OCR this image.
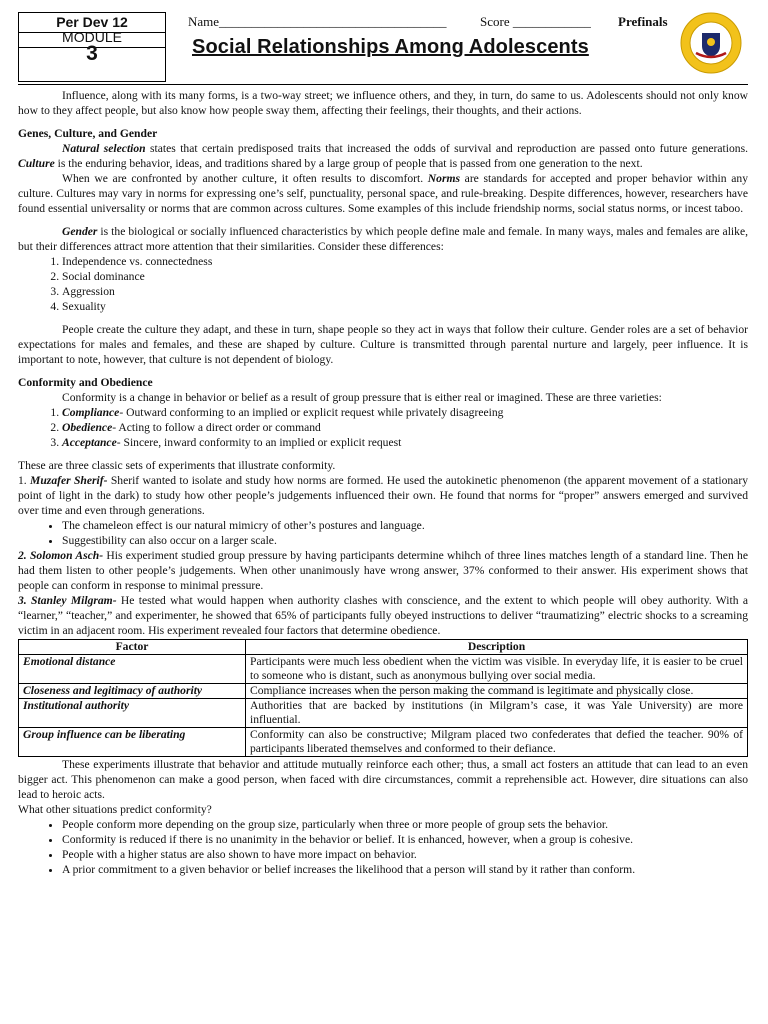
Per Dev 12
MODULE
3
Name___________________________________	Score ____________ Prefinals
Social Relationships Among Adolescents

Influence, along with its many forms, is a two-way street; we influence others, and they, in turn, do same to us. Adolescents should not only know how to they affect people, but also know how people sway them, affecting their feelings, their thoughts, and their actions.

Genes, Culture, and Gender

Natural selection states that certain predisposed traits that increased the odds of survival and reproduction are passed onto future generations. Culture is the enduring behavior, ideas, and traditions shared by a large group of people that is passed from one generation to the next.

When we are confronted by another culture, it often results to discomfort. Norms are standards for accepted and proper behavior within any culture. Cultures may vary in norms for expressing one’s self, punctuality, personal space, and rule-breaking. Despite differences, however, researchers have found essential universality or norms that are common across cultures. Some examples of this include friendship norms, social status norms, or incest taboo.

Gender is the biological or socially influenced characteristics by which people define male and female. In many ways, males and females are alike, but their differences attract more attention that their similarities. Consider these differences:

1. Independence vs. connectedness
2. Social dominance
3. Aggression
4. Sexuality

People create the culture they adapt, and these in turn, shape people so they act in ways that follow their culture. Gender roles are a set of behavior expectations for males and females, and these are shaped by culture. Culture is transmitted through parental nurture and largely, peer influence. It is important to note, however, that culture is not dependent of biology.

Conformity and Obedience

Conformity is a change in behavior or belief as a result of group pressure that is either real or imagined. These are three varieties:

1. Compliance- Outward conforming to an implied or explicit request while privately disagreeing
2. Obedience- Acting to follow a direct order or command
3. Acceptance- Sincere, inward conformity to an implied or explicit request

These are three classic sets of experiments that illustrate conformity.

1. Muzafer Sherif- Sherif wanted to isolate and study how norms are formed. He used the autokinetic phenomenon (the apparent movement of a stationary point of light in the dark) to study how other people’s judgements influenced their own. He found that norms for “proper” answers emerged and survived over time and even through generations.

• The chameleon effect is our natural mimicry of other’s postures and language.
• Suggestibility can also occur on a larger scale.

2. Solomon Asch- His experiment studied group pressure by having participants determine whihch of three lines matches length of a standard line. Then he had them listen to other people’s judgements. When other unanimously have wrong answer, 37% conformed to their answer. His experiment shows that people can conform in response to minimal pressure.

3. Stanley Milgram- He tested what would happen when authority clashes with conscience, and the extent to which people will obey authority. With a “learner,” “teacher,” and experimenter, he showed that 65% of participants fully obeyed instructions to deliver “traumatizing” electric shocks to a screaming victim in an adjacent room. His experiment revealed four factors that determine obedience.

Factor	Description
Emotional distance	Participants were much less obedient when the victim was visible. In everyday life, it is easier to be cruel to someone who is distant, such as anonymous bullying over social media.
Closeness and legitimacy of authority	Compliance increases when the person making the command is legitimate and physically close.
Institutional authority	Authorities that are backed by institutions (in Milgram’s case, it was Yale University) are more influential.
Group influence can be liberating	Conformity can also be constructive; Milgram placed two confederates that defied the teacher. 90% of participants liberated themselves and conformed to their defiance.

These experiments illustrate that behavior and attitude mutually reinforce each other; thus, a small act fosters an attitude that can lead to an even bigger act. This phenomenon can make a good person, when faced with dire circumstances, commit a reprehensible act. However, dire situations can also lead to heroic acts.

What other situations predict conformity?

• People conform more depending on the group size, particularly when three or more people of group sets the behavior.
• Conformity is reduced if there is no unanimity in the behavior or belief. It is enhanced, however, when a group is cohesive.
• People with a higher status are also shown to have more impact on behavior.
• A prior commitment to a given behavior or belief increases the likelihood that a person will stand by it rather than conform.
